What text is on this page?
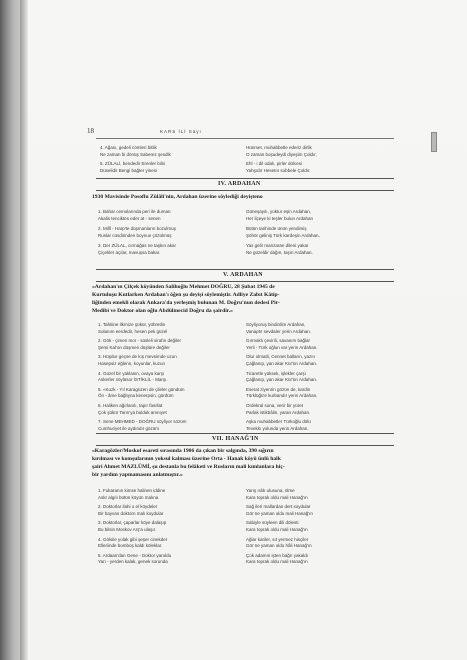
18	KARS İLİ Sayı
4. Ağası, gedeli cömleri bitlik
Ne zaman bi dönüş Saberez şesdik
5. ZÜLALİ, bendedir Erenler bilsi
Düselidir Bengi bağter yinesi
Hünmet, muhabbetle ederiz dirlik
O zaman boşudeydi diyeşim Çoldır,
Ehl - i dil odalı, pirler dölcesi
Yahşıdır Hesetın sobbele Çoldır.
IV. ARDAHAN
1930 Mavisinde Posoflu Zülâli'nin, Ardahan üzerine söylediği deyişteno
1. Bahar cemolarında peri ile duman
Akalis tenciktes eder at - senen
2. Millî - Harp'te düşmanların bozulmuş
Ruslar cüsdirinden boynun çözülmüş
3. Der ZÜLAL, cırmağas ne taşkın akar
Çiçekler açılar, mavuşsa bakar.
Güneşayılı, yoktur eşin Ardahan,
Her ilçeye ki teşler bulun Ardahan
Bütün tarihinde ünün yendimiş
Şöhör geliniş Türk kardeşin Ardahan,
Yas gelir manzaran dileni yakar
Ne güzeldir dağın, taşın Ardahan.
V. ARDAHAN
«Ardahan'ın Çilçek köyünden Salihoğlu Mehmet DOĞRU, 28 Şubat 1945 de
Kurtuluşu Kutlarken Ardahan'ı öğen şu deyişi söylemiştir. Adliye Zabıt Kâtip-
liğinden emekli olarak Ankara'da yerleşmiş bulunan M. Doğru'nun dedesi Pir-
Medibi ve Doktor olan oğlu Abdülmecid Doğru da şairdir.»
1. Tahtiine ilkrnize şükür, yühretlin
Solanım eerdedir, hesen pek güzel
2. Gök - çimen mor - süsleli sirafın değiler
Şemi Kal'on düşmen düşlüre değiler
3. Hüşdur geçse de kış mevsimde uzun
Hasepsiz eğlenn, koyunlar, kuzun
4. Güzel bir yaklasın, ovaya karşı
Askerler söylüsor İSTİKLİL - Marşı.
5. «Kuzk - Yıl Karagüzen de çileler gündüm
Ön - âme bağlıyna kenerpsin, gördüm
6. Haliken ağırlanılı, tapır fasıllat
Çok şükür Tanrı'ya bulduk amnıyet
7. Sene MEHMED - DOĞRU söyliyor sözüm
Cumhuriyet ile aydındır gözüm
Söyliyoruş bindirdim Ardahan,
Vanaptı! sevdaler yerin Ardahan.
Gırmaklı çevirili, savanım bağlar
Yerli - Türk oğlun var yerin Ardahan.
Olur olmatli, Cennet balların, yazın
Çağlanıp, yan akar Kür'ün Ardahan.
Ticaretle yüksek, işlekler çarşı
Çağlanıp, yan akar Kür'ün Ardahan.
Eserat ziyenrin gözün de, kardin
Türklüğü'e kurbandır yerin Ardahan.
Ordekral sona, verir bir yüret
Parlak istikbâlin, yaran Ardahan.
Aşka muhabbetler Türkoğlu dölü
Tevekkı yolunda yerin Ardahan.
VII. HANAĞ'IN
«Karagözler/Moskof esareti sırasında 1906 da çıkan bir salgında, 390 sığırın
kırılması ve komşularının yoksul kalması üzerine Orta - Hanak köyü ünlü halk
şairi Ahmet MAZLÜMİ, şu destanla bu felâketi ve Rusların mali kımlanlara hiç-
bir yardım yapmamasını anlatmıştır.»
1. Fukaranın kimse halinen iddine
Askr algılı bütün köyün malına
2. Doktorlar ilahi o el köydeler
Bir hayvan doktorn malı koydular
3. Doktorlar, çaparlar köye dalaşıp
Bu bilsin Moskov Arş'a ulaşır.
4. Gölsile yolak gibi şeşer cinekder
Elleriinde bomboş kaldı köleklar.
5. Ardaan'dan Gene - Doktor yaroldu
Yarı - yerden kalak, genek sorunda
Yarış ıslık ulusuna, ölme
Kara toprak oldu mali Hanağ'ın
Sağ ileri mallardan dert soydular
Gör ne yaman oldu mali Hanağ'ın
Sabiyle süyleen dili dölesti
Kara toprak oldu mali Hanağ'ın
Ağlar kariler, sıt yermez hisçiler
Gör ne yaman oldu hâli Hanağ'ın
Çok adamın işten bağrı yakaldı
Kara toprak oldu mali Hanağ'ın
